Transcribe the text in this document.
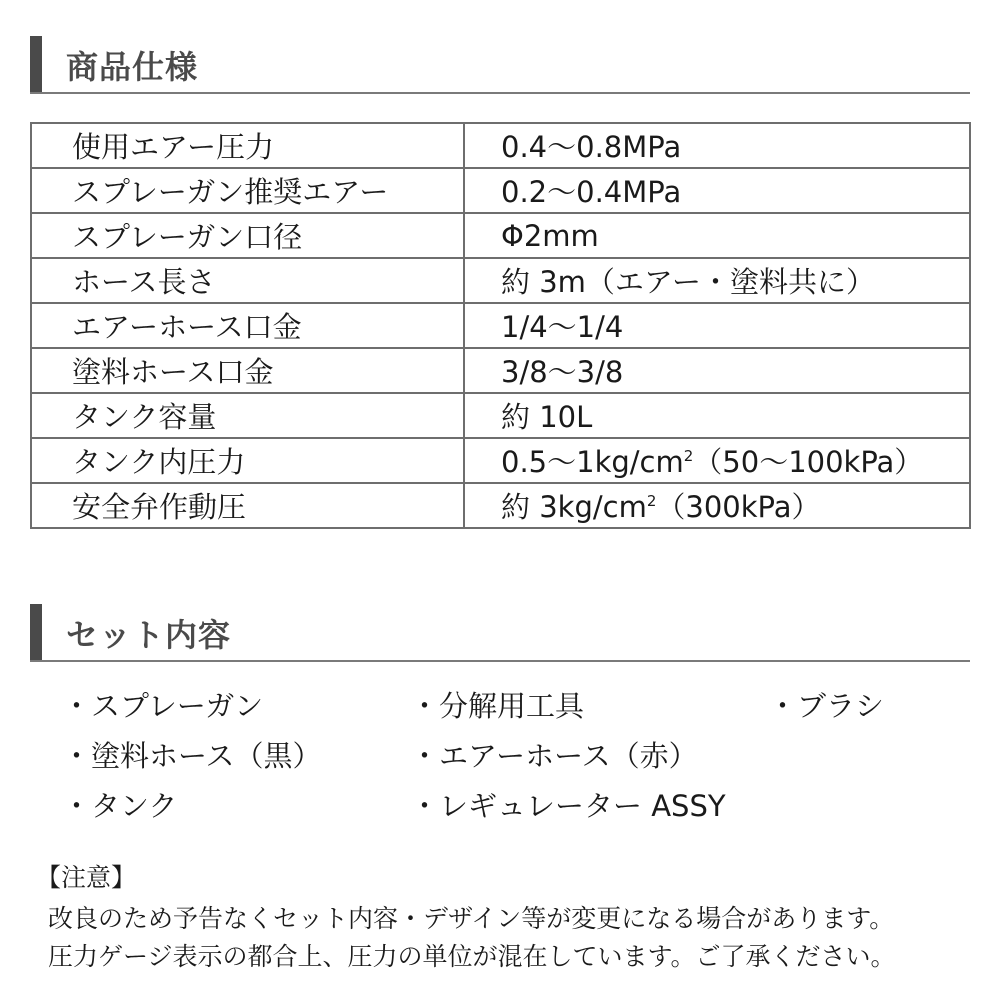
商品仕様
使用エアー圧力	0.4〜0.8MPa
スプレーガン推奨エアー	0.2〜0.4MPa
スプレーガン口径	Φ2mm
ホース長さ	約 3m（エアー・塗料共に）
エアーホース口金	1/4〜1/4
塗料ホース口金	3/8〜3/8
タンク容量	約 10L
タンク内圧力	0.5〜$1kg/cm^2(50$〜100kPa）
安全弁作動圧	約 $3kg/cm^2(300kPa)$
セット内容
・スプレーガン	・分解用工具	・ブラシ
・塗料ホース（黒）	・エアーホース（赤）
・タンク	・レギュレーター ASSY
【注意】
改良のため予告なくセット内容・デザイン等が変更になる場合があります。
圧力ゲージ表示の都合上、圧力の単位が混在しています。ご了承ください。
